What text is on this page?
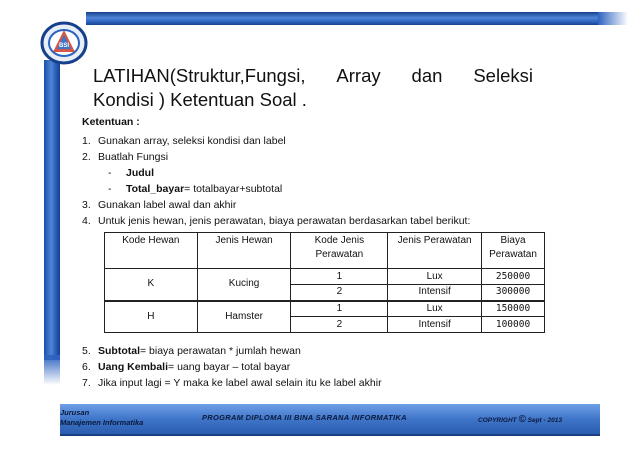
BSI
LATIHAN(Struktur,Fungsi, Array dan Seleksi
Kondisi ) Ketentuan Soal .
Ketentuan :
1. Gunakan array, seleksi kondisi dan label
2. Buatlah Fungsi
-	Judul
-	Total_bayar = totalbayar+subtotal
3. Gunakan label awal dan akhir
4. Untuk jenis hewan, jenis perawatan, biaya perawatan berdasarkan tabel berikut:
Kode Hewan	Jenis Hewan	Kode Jenis Perawatan	Jenis Perawatan	Biaya Perawatan
K	Kucing	1	Lux	250000
		2	Intensif	300000
H	Hamster	1	Lux	150000
		2	Intensif	100000
5. Subtotal = biaya perawatan * jumlah hewan
6. Uang Kembali = uang bayar – total bayar
7. Jika input lagi = Y maka ke label awal selain itu ke label akhir
Jurusan
Manajemen Informatika
PROGRAM DIPLOMA III BINA SARANA INFORMATIKA	COPYRIGHT © Sept - 2013
